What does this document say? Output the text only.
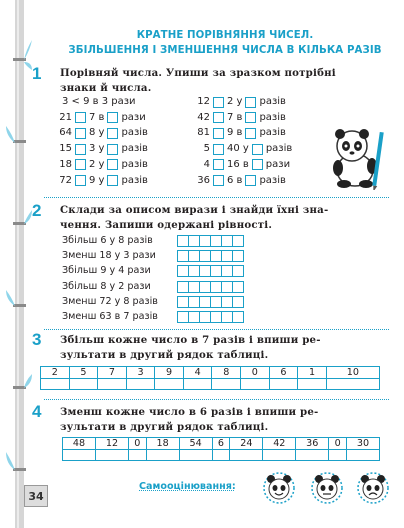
КРАТНЕ ПОРІВНЯННЯ ЧИСЕЛ.
ЗБІЛЬШЕННЯ І ЗМЕНШЕННЯ ЧИСЛА В КІЛЬКА РАЗІВ
1 Порівняй числа. Упиши за зразком потрібні
знаки й числа.
3 < 9 в 3 рази
21 7 в рази
64 8 у разів
15 3 у разів
18 2 у разів
72 9 у разів
12 2 у разів
42 7 в разів
81 9 в разів
5 40 у разів
4 16 в рази
36 6 в разів
2 Склади за описом вирази і знайди їхні зна-
чення. Запиши одержані рівності.
Збільш 6 у 8 разів
Зменш 18 у 3 рази
Збільш 9 у 4 рази
Збільш 8 у 2 рази
Зменш 72 у 8 разів
Зменш 63 в 7 разів
3 Збільш кожне число в 7 разів і впиши ре-
зультати в другий рядок таблиці.
2	5	7	3	9	4	8	0	6	1	10

4 Зменш кожне число в 6 разів і впиши ре-
зультати в другий рядок таблиці.
48	12	0	18	54	6	24	42	36	0	30

34
Самооцінювання:
